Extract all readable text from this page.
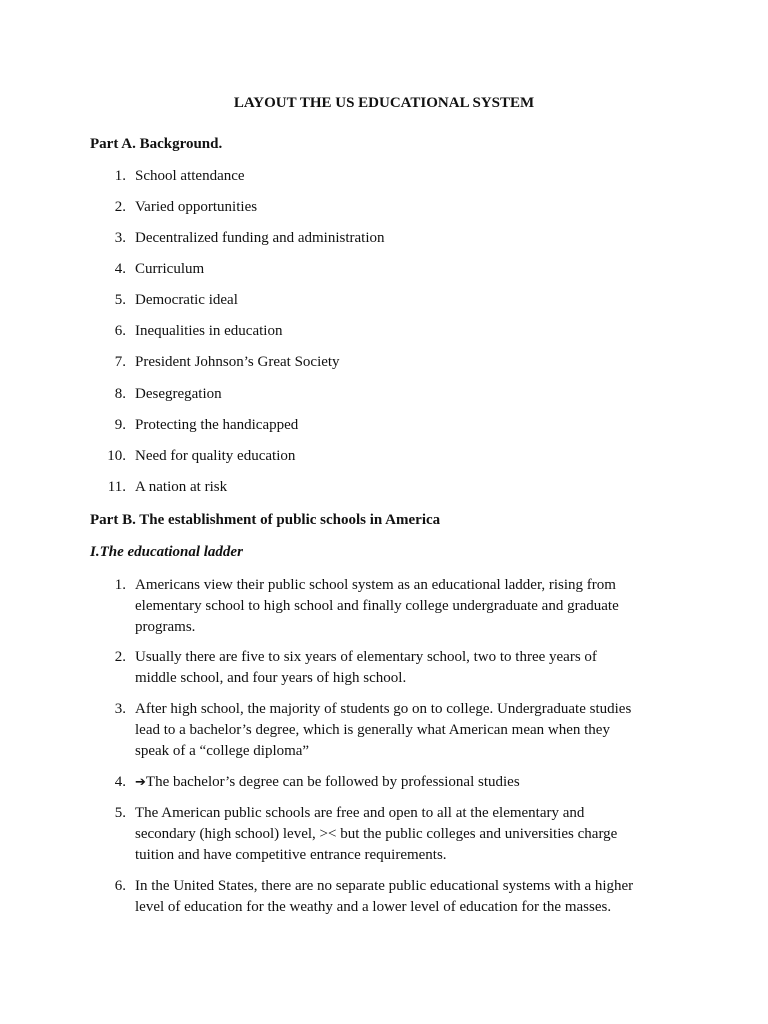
LAYOUT THE US EDUCATIONAL SYSTEM
Part A. Background.
1. School attendance
2. Varied opportunities
3. Decentralized funding and administration
4. Curriculum
5. Democratic ideal
6. Inequalities in education
7. President Johnson’s Great Society
8. Desegregation
9. Protecting the handicapped
10. Need for quality education
11. A nation at risk
Part B. The establishment of public schools in America
I.The educational ladder
1. Americans view their public school system as an educational ladder, rising from
elementary school to high school and finally college undergraduate and graduate
programs.
2. Usually there are five to six years of elementary school, two to three years of
middle school, and four years of high school.
3. After high school, the majority of students go on to college. Undergraduate studies
lead to a bachelor’s degree, which is generally what American mean when they
speak of a “college diploma”
4. ➔The bachelor’s degree can be followed by professional studies
5. The American public schools are free and open to all at the elementary and
secondary (high school) level, >< but the public colleges and universities charge
tuition and have competitive entrance requirements.
6. In the United States, there are no separate public educational systems with a higher
level of education for the weathy and a lower level of education for the masses.
